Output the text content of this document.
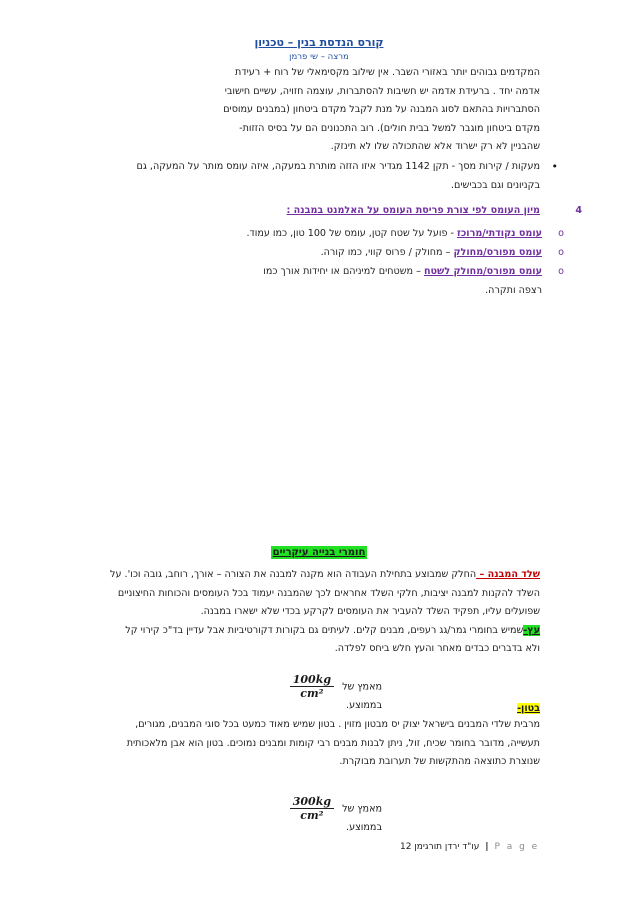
קורס הנדסת בנין – טכניון
מרצה – שי פרמן
המקדמים גבוהים יותר באזורי השבר. אין שילוב מקסימאלי של רוח + רעידת
אדמה יחד . ברעידת אדמה יש חשיבות להסתברות, עוצמה חזויה, עשיים חישובי
הסתברויות בהתאם לסוג המבנה על מנת לקבל מקדם ביטחון (במבנים עמוסים
מקדם ביטחון מוגבר למשל בבית חולים). רוב התכנונים הם על בסיס הזזות-
שהבניין לא רק ישרוד אלא שהתכולה שלו לא תינזק.
•
מעקות / קירות מסך - תקן 1142 מגדיר איזו הזזה מותרת במעקה, איזה עומס מותר על המעקה, גם
בקניונים וגם בכבישים.
4
מיון העומס לפי צורת פריסת העומס על האלמנט במבנה :
o
עומס נקודתי/מרוכז - פועל על שטח קטן, עומס של 100 טון, כמו עמוד.
o
עומס מפורס/מחולק – מחולק / פרוס קווי, כמו קורה.
o
עומס מפורס/מחולק לשטח – משטחים למיניהם או יחידות אורך כמו
רצפה ותקרה.
חומרי בנייה עיקריים
שלד המבנה – החלק שמבוצע בתחילת העבודה הוא מקנה למבנה את הצורה – אורך, רוחב, גובה וכו'. על
השלד להקנות למבנה יציבות, חלקי השלד אחראים לכך שהמבנה יעמוד בכל העומסים והכוחות החיצוניים
שפועלים עליו, תפקיד השלד להעביר את העומסים לקרקע בכדי שלא ישארו במבנה.
עץ-שמיש בחומרי גמר/גג רעפים, מבנים קלים. לעיתים גם בקורות דקורטיביות אבל עדיין בד"כ קירוי קל
ולא בדברים כבדים מאחר והעץ חלש ביחס לפלדה.
מאמץ של
$\frac{100kg}{\text{cm²}}$
בממוצע.	בטון-
מרבית שלדי המבנים בישראל יצוק יס מבטון מזוין . בטון שמיש מאוד כמעט בכל סוגי המבנים, מגורים,
תעשייה, מדובר בחומר שכיח, זול, ניתן לבנות מבנים רבי קומות ומבנים נמוכים. בטון הוא אבן מלאכותית
שנוצרת כתוצאה מהתקשות של תערובת מבוקרת.
מאמץ של
$\frac{300kg}{\text{cm²}}$
בממוצע.
עו"ד ירדן תורגימן 12	| P a g e
